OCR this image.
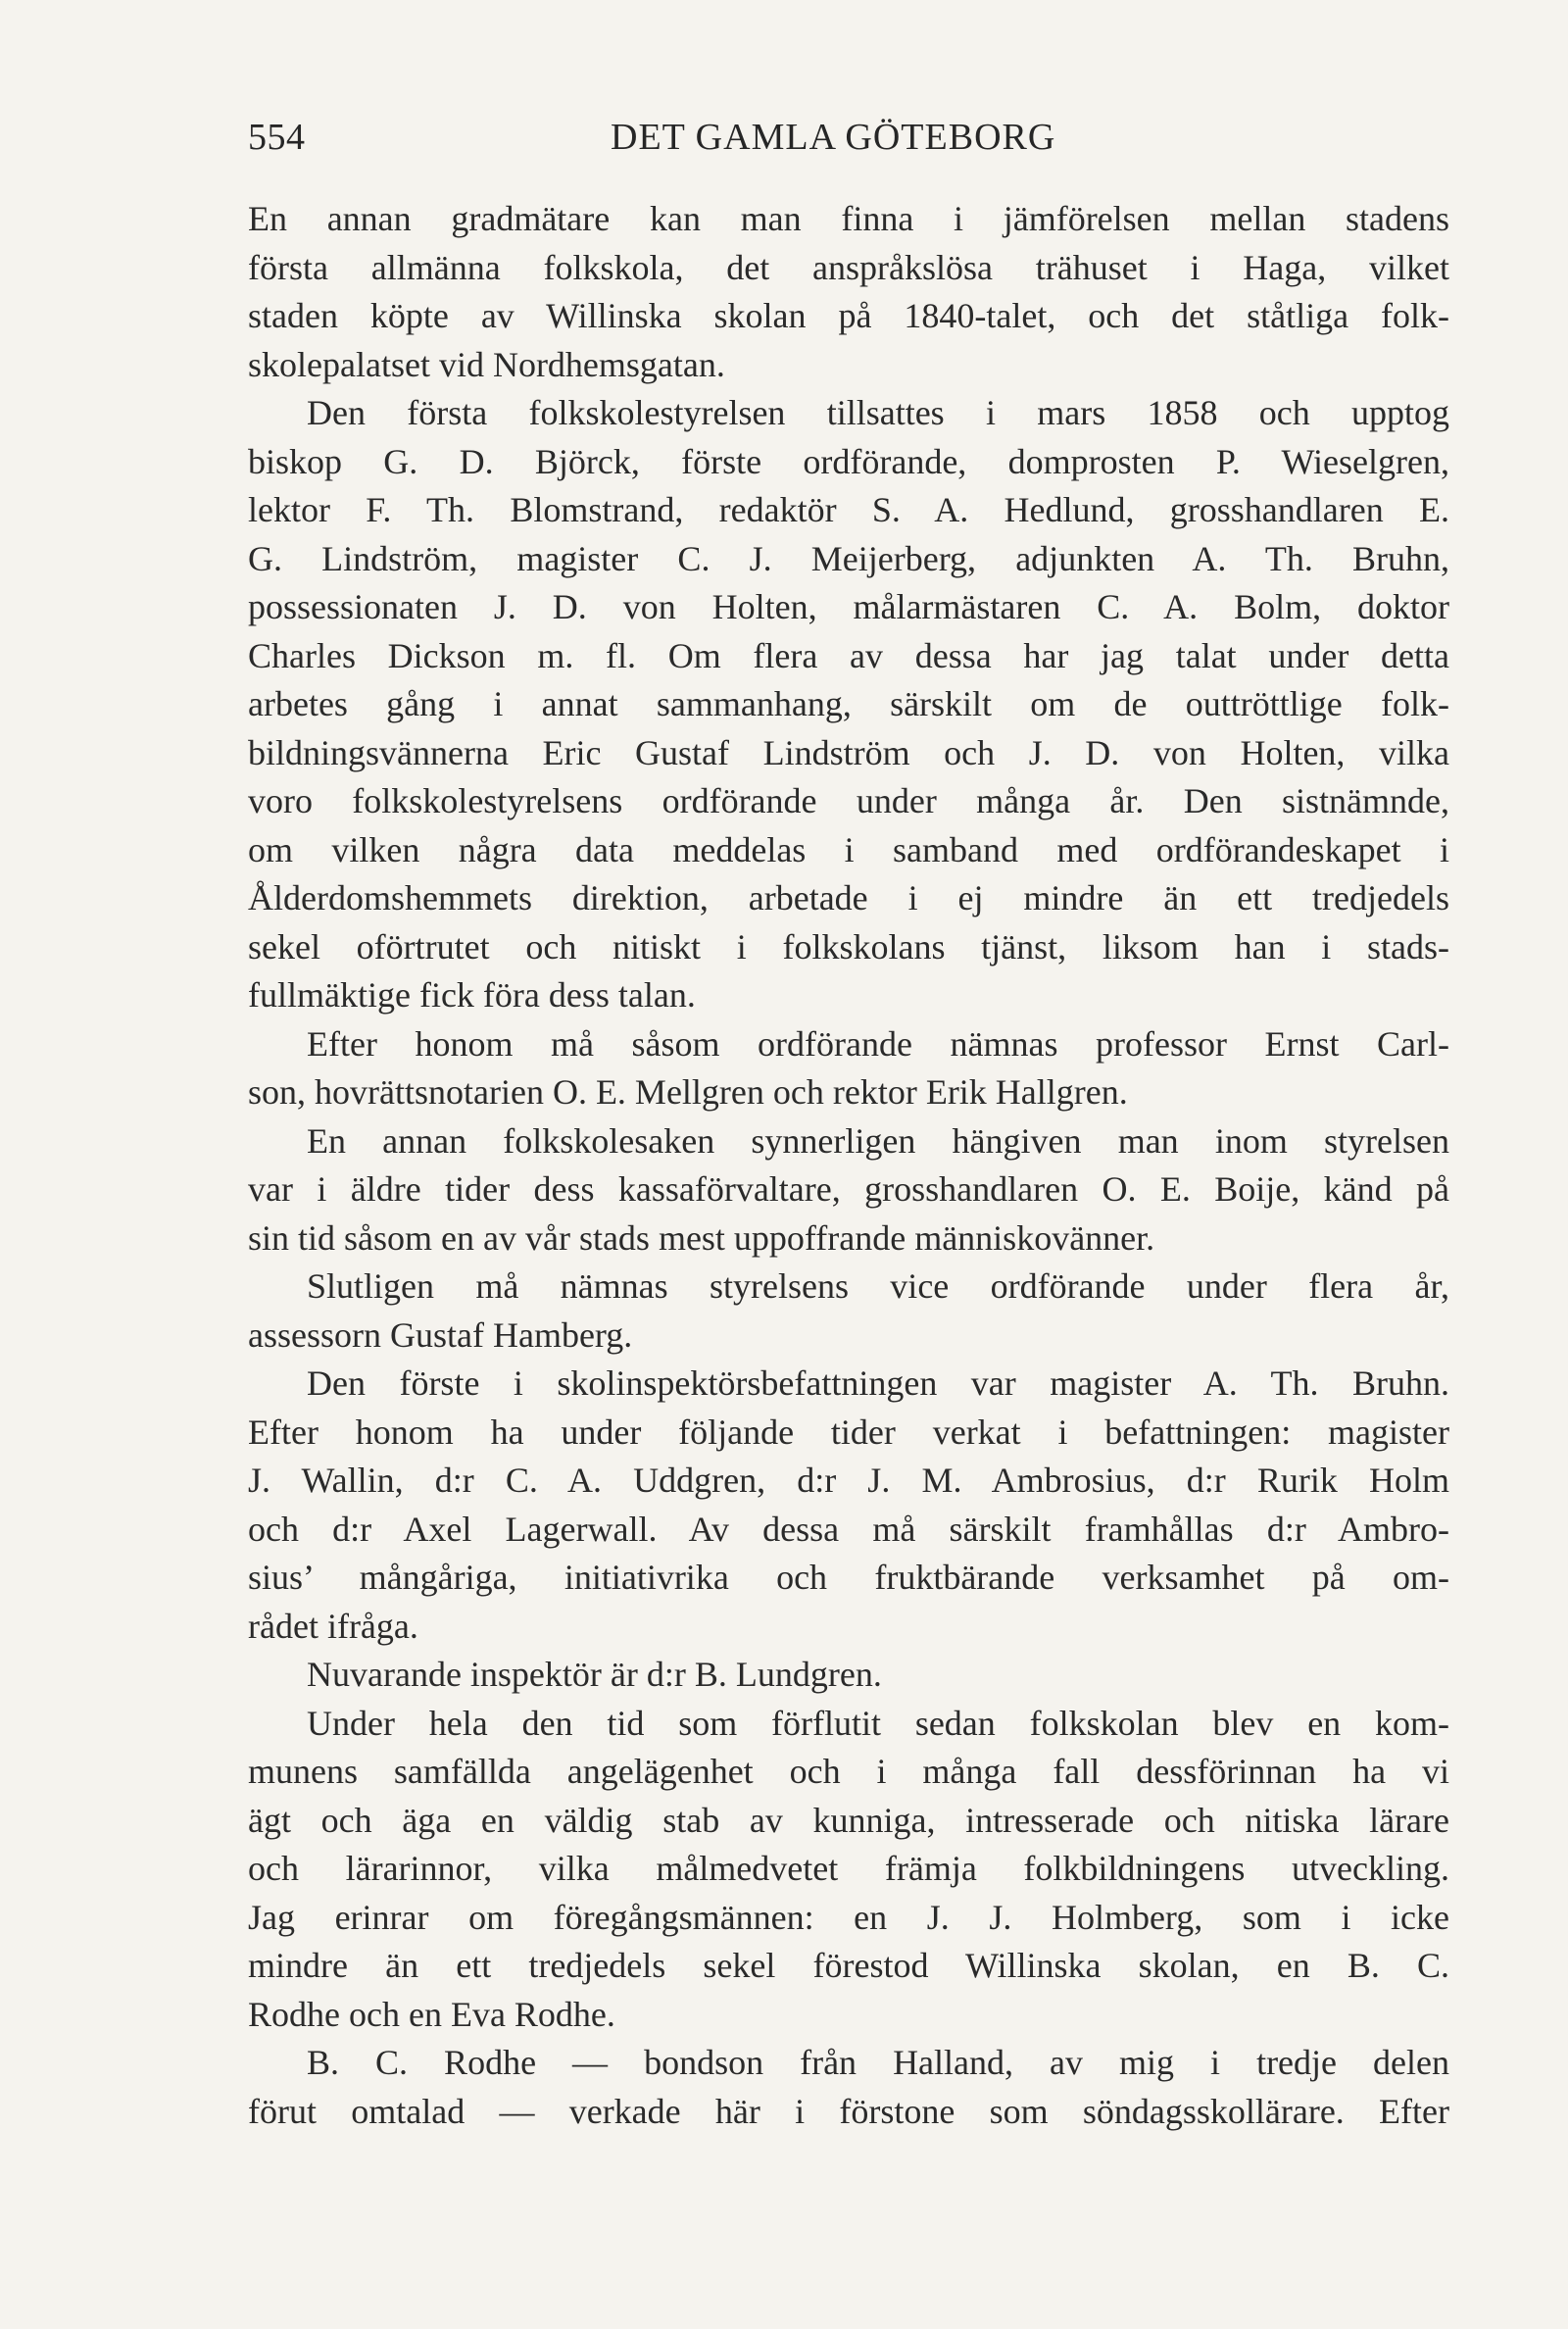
554	DET GAMLA GÖTEBORG
En annan gradmätare kan man finna i jämförelsen mellan stadens
första allmänna folkskola, det anspråkslösa trähuset i Haga, vilket
staden köpte av Willinska skolan på 1840-talet, och det ståtliga folk-
skolepalatset vid Nordhemsgatan.
Den första folkskolestyrelsen tillsattes i mars 1858 och upptog
biskop G. D. Björck, förste ordförande, domprosten P. Wieselgren,
lektor F. Th. Blomstrand, redaktör S. A. Hedlund, grosshandlaren E.
G. Lindström, magister C. J. Meijerberg, adjunkten A. Th. Bruhn,
possessionaten J. D. von Holten, målarmästaren C. A. Bolm, doktor
Charles Dickson m. fl. Om flera av dessa har jag talat under detta
arbetes gång i annat sammanhang, särskilt om de outtröttlige folk-
bildningsvännerna Eric Gustaf Lindström och J. D. von Holten, vilka
voro folkskolestyrelsens ordförande under många år. Den sistnämnde,
om vilken några data meddelas i samband med ordförandeskapet i
Ålderdomshemmets direktion, arbetade i ej mindre än ett tredjedels
sekel oförtrutet och nitiskt i folkskolans tjänst, liksom han i stads-
fullmäktige fick föra dess talan.
Efter honom må såsom ordförande nämnas professor Ernst Carl-
son, hovrättsnotarien O. E. Mellgren och rektor Erik Hallgren.
En annan folkskolesaken synnerligen hängiven man inom styrelsen
var i äldre tider dess kassaförvaltare, grosshandlaren O. E. Boije, känd på
sin tid såsom en av vår stads mest uppoffrande människovänner.
Slutligen må nämnas styrelsens vice ordförande under flera år,
assessorn Gustaf Hamberg.
Den förste i skolinspektörsbefattningen var magister A. Th. Bruhn.
Efter honom ha under följande tider verkat i befattningen: magister
J. Wallin, d:r C. A. Uddgren, d:r J. M. Ambrosius, d:r Rurik Holm
och d:r Axel Lagerwall. Av dessa må särskilt framhållas d:r Ambro-
sius’ mångåriga, initiativrika och fruktbärande verksamhet på om-
rådet ifråga.
Nuvarande inspektör är d:r B. Lundgren.
Under hela den tid som förflutit sedan folkskolan blev en kom-
munens samfällda angelägenhet och i många fall dessförinnan ha vi
ägt och äga en väldig stab av kunniga, intresserade och nitiska lärare
och lärarinnor, vilka målmedvetet främja folkbildningens utveckling.
Jag erinrar om föregångsmännen: en J. J. Holmberg, som i icke
mindre än ett tredjedels sekel förestod Willinska skolan, en B. C.
Rodhe och en Eva Rodhe.
B. C. Rodhe — bondson från Halland, av mig i tredje delen
förut omtalad — verkade här i förstone som söndagsskollärare. Efter
